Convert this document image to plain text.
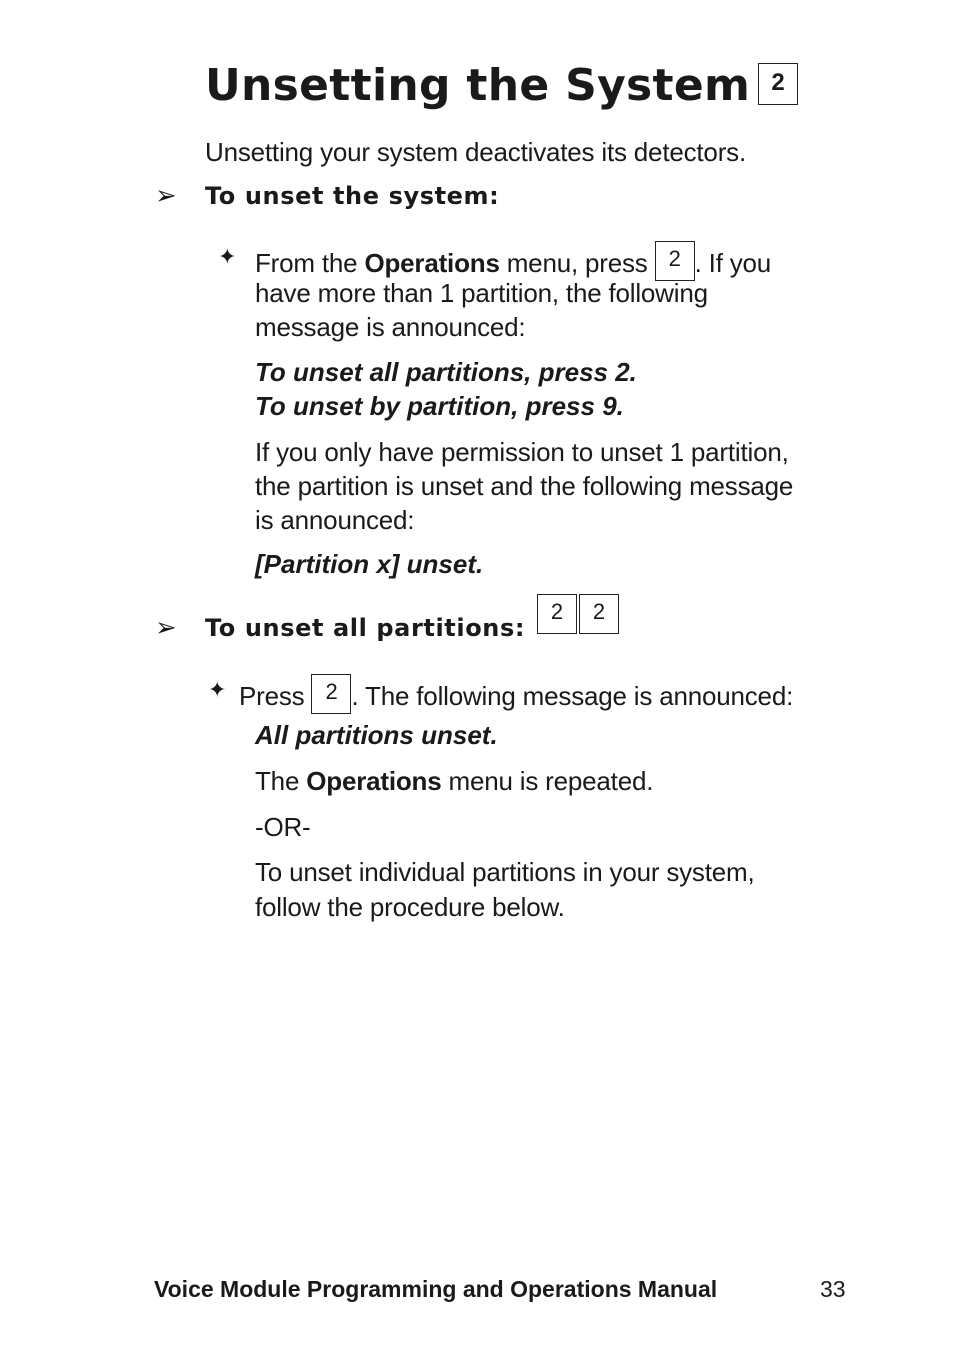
Unsetting the System 2
Unsetting your system deactivates its detectors.
➢ To unset the system:
✦ From the Operations menu, press 2 . If you
have more than 1 partition, the following
message is announced:
To unset all partitions, press 2.
To unset by partition, press 9.
If you only have permission to unset 1 partition,
the partition is unset and the following message
is announced:
[Partition x] unset.
➢ To unset all partitions:
2 2
✦ Press 2 . The following message is announced:
All partitions unset.
The Operations menu is repeated.
-OR-
To unset individual partitions in your system,
follow the procedure below.
Voice Module Programming and Operations Manual	33
